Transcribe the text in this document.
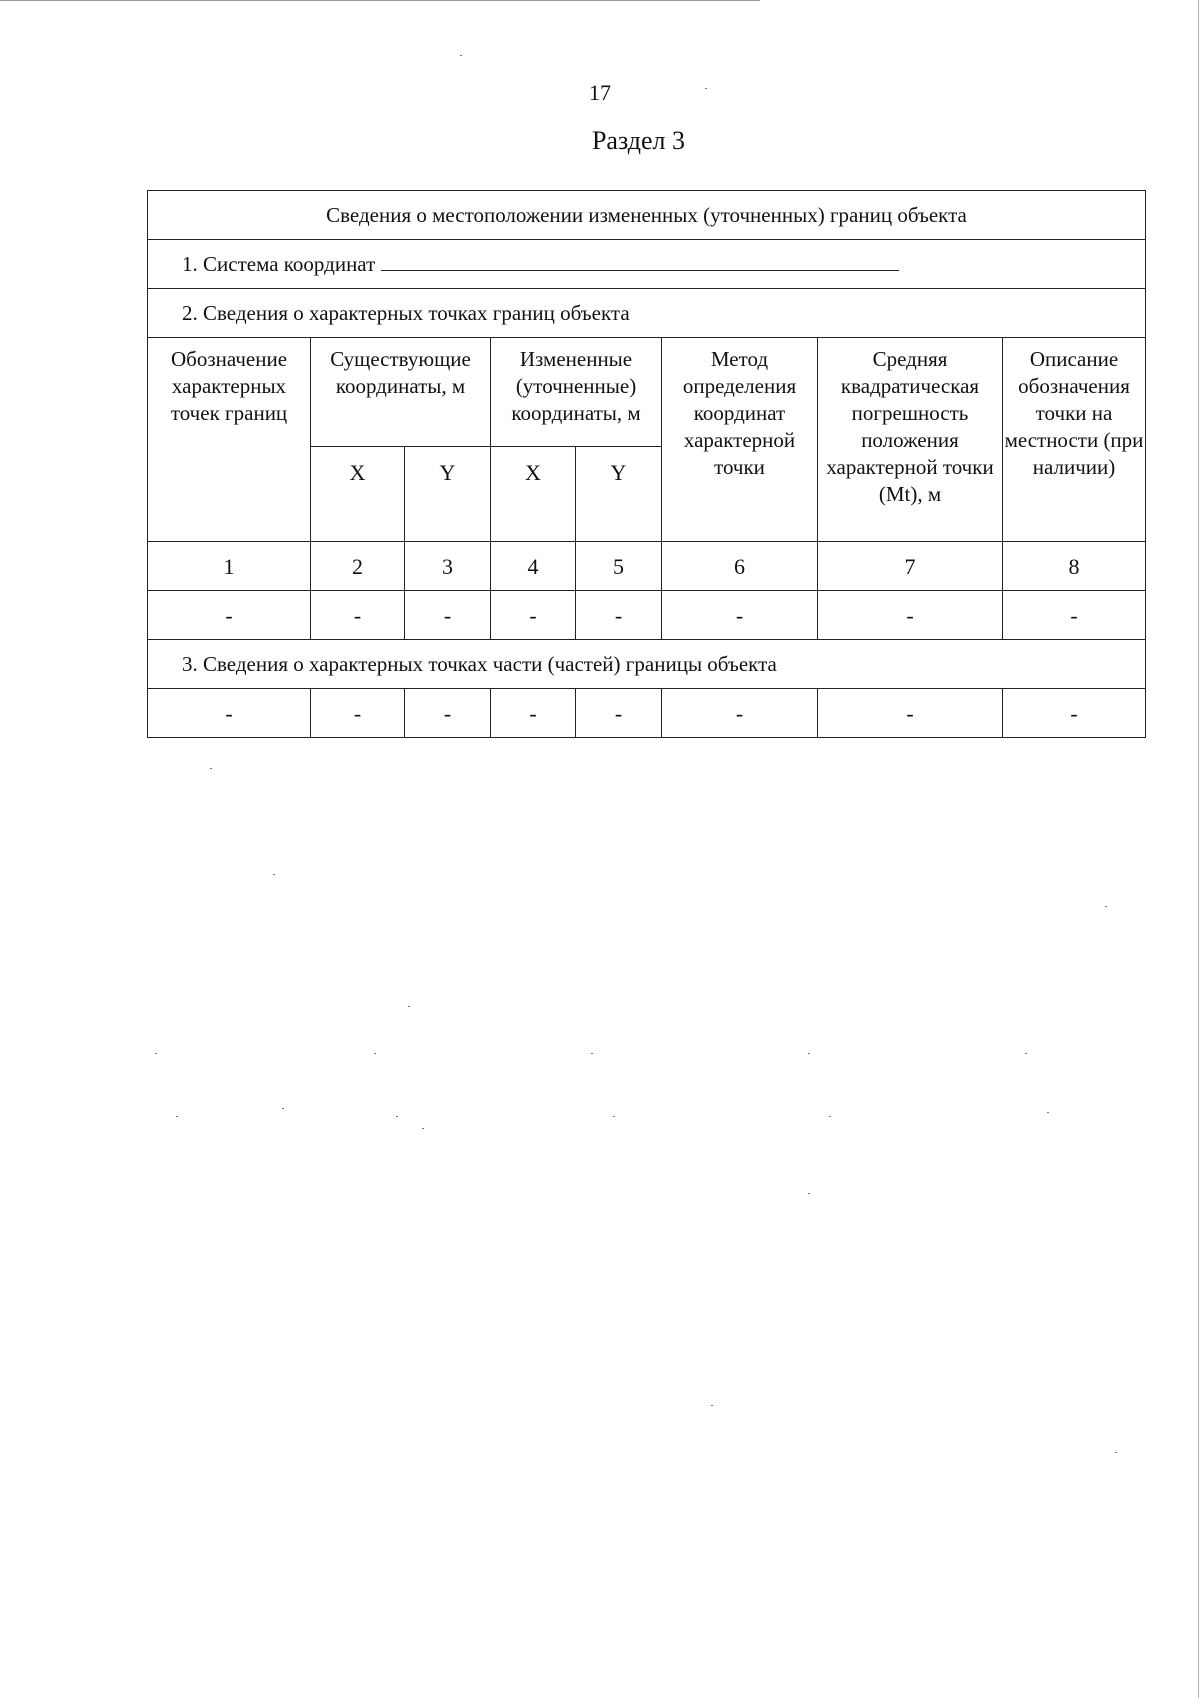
17
Раздел 3
Сведения о местоположении измененных (уточненных) границ объекта							
1. Система координат							
2. Сведения о характерных точках границ объекта							
Обозначение характерных точек границ	Существующие координаты, м		Измененные (уточненные) координаты, м		Метод определения координат характерной точки	Средняя квадратическая погрешность положения характерной точки (Mt), м	Описание обозначения точки на местности (при наличии)
	X	Y	X	Y			
1	2	3	4	5	6	7	8
-	-	-	-	-	-	-	-
3. Сведения о характерных точках части (частей) границы объекта							
-	-	-	-	-	-	-	-
